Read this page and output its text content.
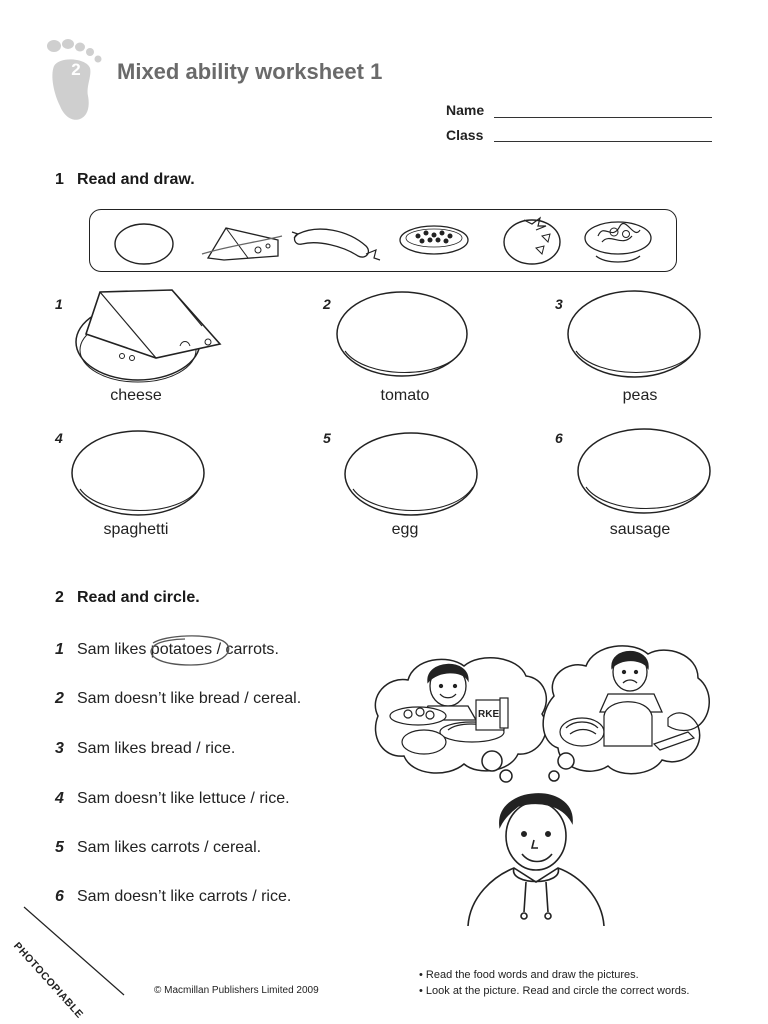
2	Mixed ability worksheet 1
Name
Class
1 Read and draw.
1
cheese
2
tomato
3
peas
4
spaghetti
5
egg
6
sausage
2 Read and circle.
1 Sam likes potatoes
/ carrots.
2 Sam doesn’t like bread / cereal.
3 Sam likes bread / rice.
4 Sam doesn’t like lettuce / rice.
5 Sam likes carrots / cereal.
6 Sam doesn’t like carrots / rice.
RKE
PHOTOCOPIABLE	© Macmillan Publishers Limited 2009
• Read the food words and draw the pictures.
• Look at the picture. Read and circle the correct words.
